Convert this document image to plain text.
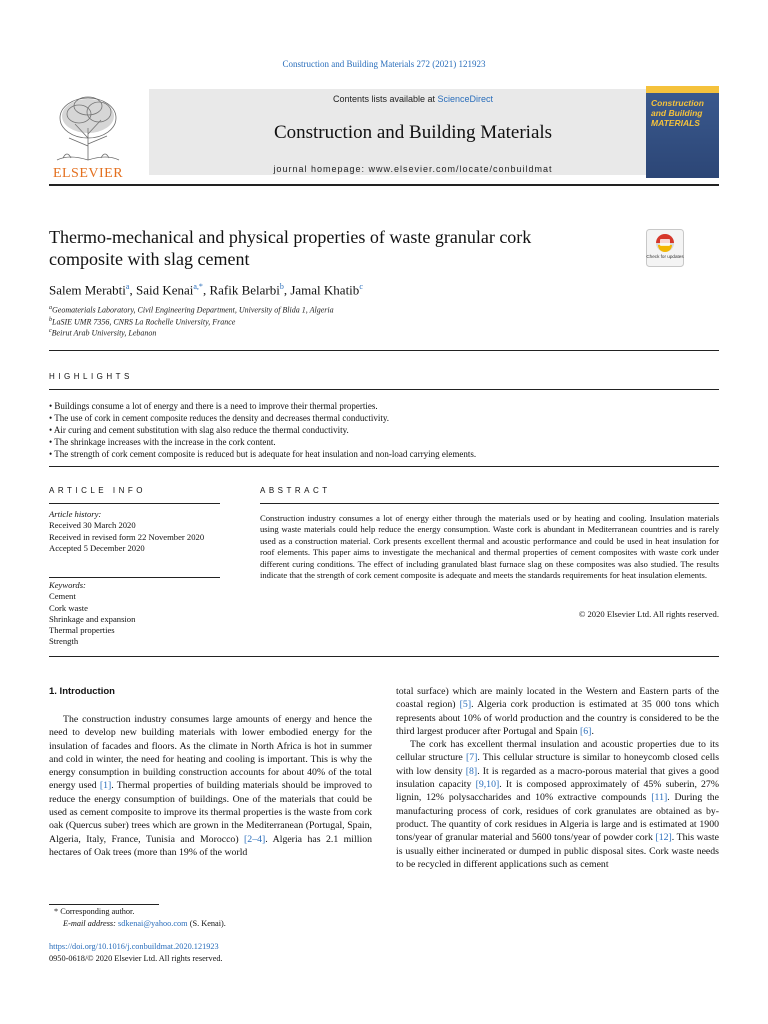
Construction and Building Materials 272 (2021) 121923
ELSEVIER
Contents lists available at ScienceDirect
Construction and Building Materials
journal homepage: www.elsevier.com/locate/conbuildmat
Construction and Building MATERIALS
Thermo-mechanical and physical properties of waste granular cork composite with slag cement	Check for updates
Salem Merabti$^a$, Said Kenai$^{a,*}$, Rafik Belarbi$^b$, Jamal Khatib$^c$
$^a$Geomaterials Laboratory, Civil Engineering Department, University of Blida 1, Algeria
$^b$LaSIE UMR 7356, CNRS La Rochelle University, France
$^c$Beirut Arab University, Lebanon
HIGHLIGHTS
• Buildings consume a lot of energy and there is a need to improve their thermal properties.
• The use of cork in cement composite reduces the density and decreases thermal conductivity.
• Air curing and cement substitution with slag also reduce the thermal conductivity.
• The shrinkage increases with the increase in the cork content.
• The strength of cork cement composite is reduced but is adequate for heat insulation and non-load carrying elements.
ARTICLE INFO
Article history:
Received 30 March 2020
Received in revised form 22 November 2020
Accepted 5 December 2020
Keywords:
Cement
Cork waste
Shrinkage and expansion
Thermal properties
Strength
ABSTRACT
Construction industry consumes a lot of energy either through the materials used or by heating and cooling. Insulation materials using waste materials could help reduce the energy consumption. Waste cork is abundant in Mediterranean countries and is rarely used as a construction material. Cork presents excellent thermal and acoustic performance and could be used in heat insulation for roof elements. This paper aims to investigate the mechanical and thermal properties of cement composites with waste cork under different curing conditions. The effect of including granulated blast furnace slag on these composites was also studied. The results indicate that the strength of cork cement composite is adequate and meets the standards requirements for heat insulation elements.
© 2020 Elsevier Ltd. All rights reserved.
1. Introduction

The construction industry consumes large amounts of energy and hence the need to develop new building materials with lower embodied energy for the insulation of facades and floors. As the climate in North Africa is hot in summer and cold in winter, the need for heating and cooling is important. This is why the energy consumption in building construction accounts for about 40% of the total energy used [1]. Thermal properties of building materials should be improved to reduce the energy consumption of buildings. One of the materials that could be used as cement composite to improve its thermal properties is the waste from cork oak (Quercus suber) trees which are grown in the Mediterranean (Portugal, Spain, Algeria, Italy, France, Tunisia and Morocco) [2–4]. Algeria has 2.1 million hectares of Oak trees (more than 19% of the world

total surface) which are mainly located in the Western and Eastern parts of the coastal region) [5]. Algeria cork production is estimated at 35 000 tons which represents about 10% of world production and the country is considered to be the third largest producer after Portugal and Spain [6].

The cork has excellent thermal insulation and acoustic properties due to its cellular structure [7]. This cellular structure is similar to honeycomb closed cells with low density [8]. It is regarded as a macro-porous material that gives a good insulation capacity [9,10]. It is composed approximately of 45% suberin, 27% lignin, 12% polysaccharides and 10% extractive compounds [11]. During the manufacturing process of cork, residues of cork granulates are obtained as by-product. The quantity of cork residues in Algeria is large and is estimated at 1900 tons/year of granular material and 5600 tons/year of powder cork [12]. This waste is usually either incinerated or dumped in public disposal sites. Cork waste needs to be recycled in different applications such as cement

* Corresponding author.
E-mail address: sdkenai@yahoo.com (S. Kenai).
https://doi.org/10.1016/j.conbuildmat.2020.121923
0950-0618/© 2020 Elsevier Ltd. All rights reserved.
